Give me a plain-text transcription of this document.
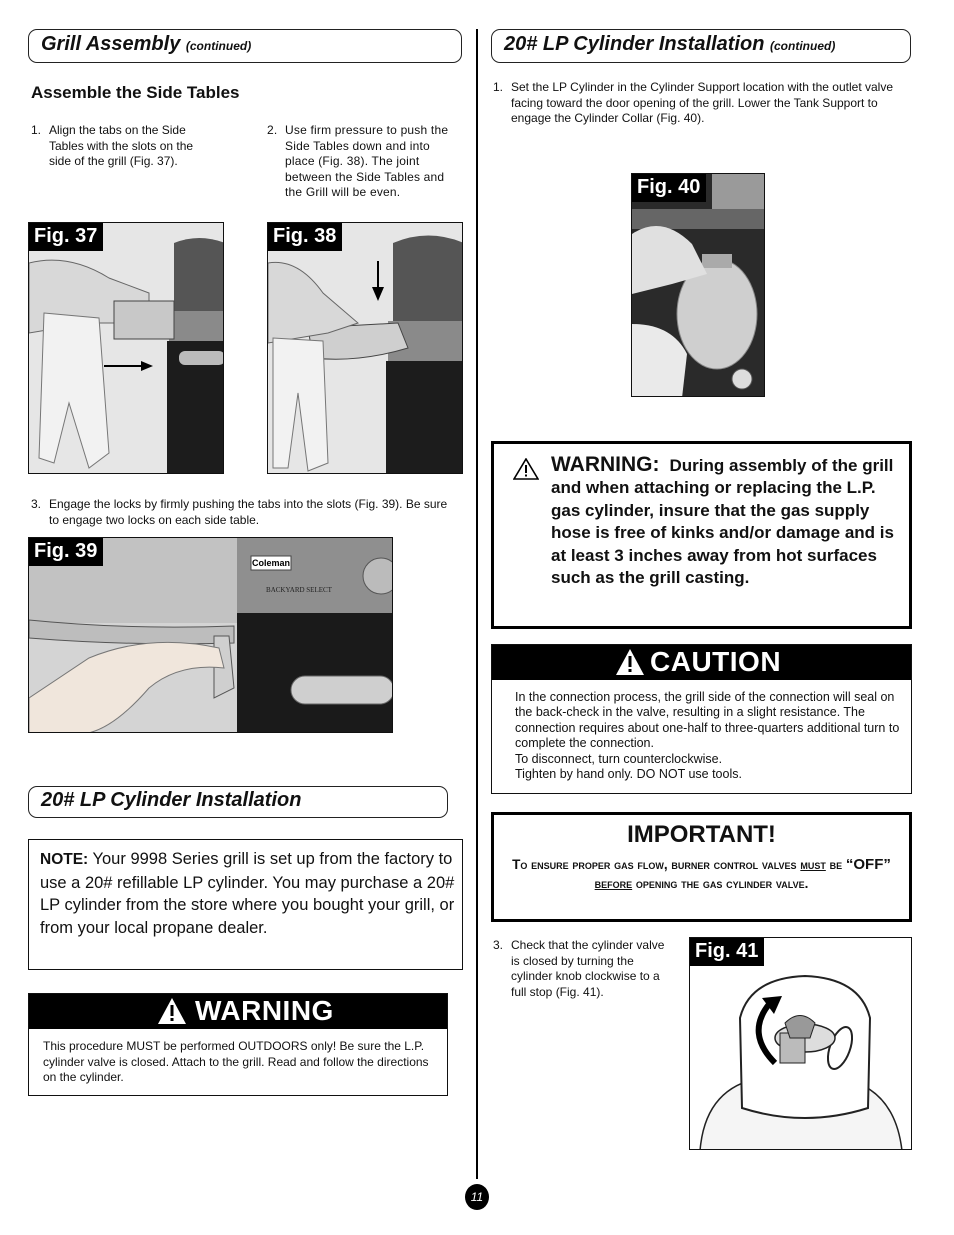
Grill Assembly (continued)
Assemble the Side Tables
1. Align the tabs on the Side Tables with the slots on the side of the grill (Fig. 37).
2. Use firm pressure to push the Side Tables down and into place (Fig. 38). The joint between the Side Tables and the Grill will be even.
Fig. 37	Fig. 38
3. Engage the locks by firmly pushing the tabs into the slots (Fig. 39). Be sure to engage two locks on each side table.
Fig. 39
Coleman
BACKYARD SELECT
20# LP Cylinder Installation
NOTE: Your 9998 Series grill is set up from the factory to use a 20# refillable LP cylinder. You may purchase a 20# LP cylinder from the store where you bought your grill, or from your local propane dealer.
WARNING
This procedure MUST be performed OUTDOORS only! Be sure the L.P. cylinder valve is closed. Attach to the grill. Read and follow the directions on the cylinder.
11
20# LP Cylinder Installation (continued)
1. Set the LP Cylinder in the Cylinder Support location with the outlet valve facing toward the door opening of the grill. Lower the Tank Support to engage the Cylinder Collar (Fig. 40).
Fig. 40
WARNING: During assembly of the grill and when attaching or replacing the L.P. gas cylinder, insure that the gas supply hose is free of kinks and/or damage and is at least 3 inches away from hot surfaces such as the grill casting.
CAUTION
In the connection process, the grill side of the connection will seal on the back-check in the valve, resulting in a slight resistance. The connection requires about one-half to three-quarters additional turn to complete the connection.
To disconnect, turn counterclockwise.
Tighten by hand only. DO NOT use tools.
IMPORTANT!
To ensure proper gas flow, burner control valves must be “OFF” before opening the gas cylinder valve.
3. Check that the cylinder valve is closed by turning the cylinder knob clockwise to a full stop (Fig. 41).
Fig. 41
